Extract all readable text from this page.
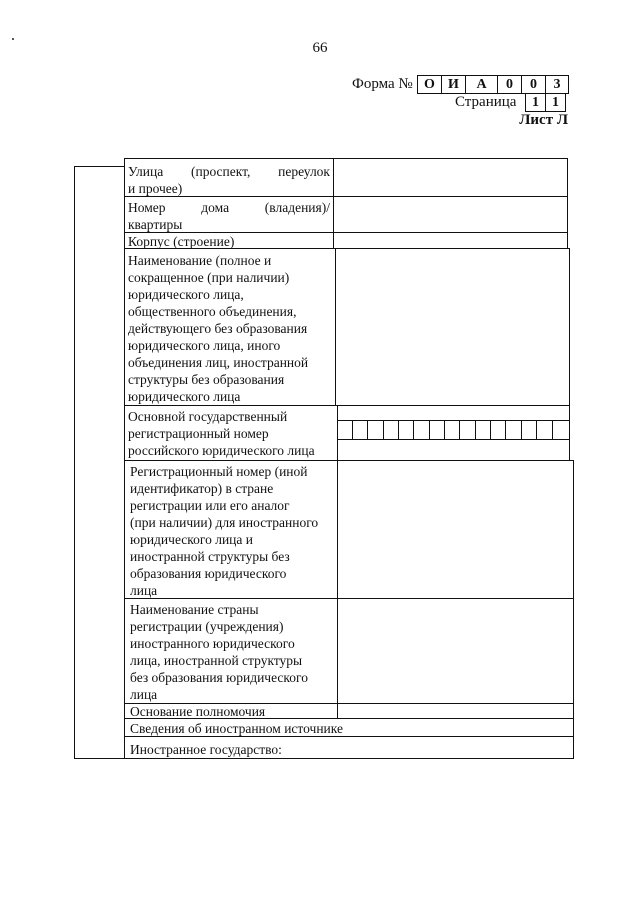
66
Форма № О И	А	0	0	3
Страница	1 1
Лист Л
Улица (проспект, переулок
и прочее)
Номер дома (владения)/
квартиры
Корпус (строение)
Наименование (полное и
сокращенное (при наличии)
юридического лица,
общественного объединения,
действующего без образования
юридического лица, иного
объединения лиц, иностранной
структуры без образования
юридического лица
Основной государственный
регистрационный номер
российского юридического лица
Регистрационный номер (иной
идентификатор) в стране
регистрации или его аналог
(при наличии) для иностранного
юридического лица и
иностранной структуры без
образования юридического
лица
Наименование страны
регистрации (учреждения)
иностранного юридического
лица, иностранной структуры
без образования юридического
лица
Основание полномочия
Сведения об иностранном источнике
Иностранное государство:
